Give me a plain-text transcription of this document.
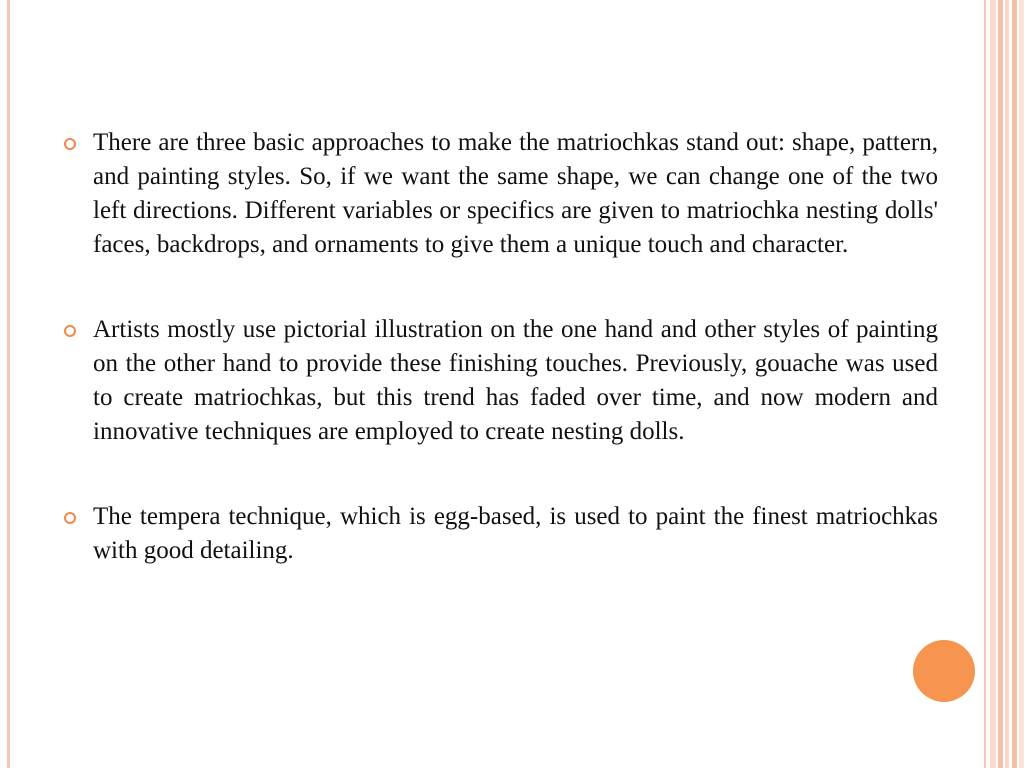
There are three basic approaches to make the matriochkas stand out: shape, pattern, and painting styles. So, if we want the same shape, we can change one of the two left directions. Different variables or specifics are given to matriochka nesting dolls' faces, backdrops, and ornaments to give them a unique touch and character.

Artists mostly use pictorial illustration on the one hand and other styles of painting on the other hand to provide these finishing touches. Previously, gouache was used to create matriochkas, but this trend has faded over time, and now modern and innovative techniques are employed to create nesting dolls.

The tempera technique, which is egg-based, is used to paint the finest matriochkas with good detailing.
